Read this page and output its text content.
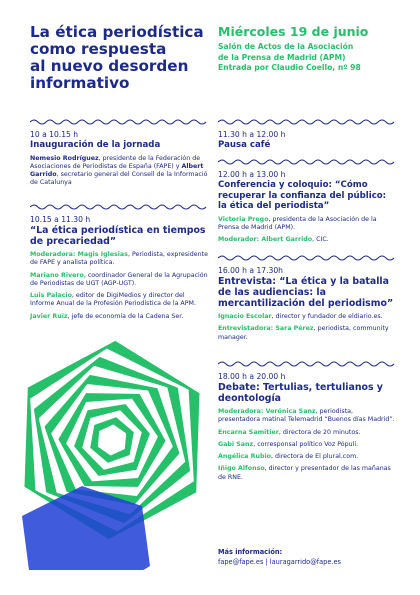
La ética periodística
como respuesta
al nuevo desorden
informativo
Miércoles 19 de junio
Salón de Actos de la Asociación
de la Prensa de Madrid (APM)
Entrada por Claudio Coello, nº 98

10 a 10.15 h

Inauguración de la jornada

Nemesio Rodríguez, presidente de la Federación de Asociaciones de Periodistas de España (FAPE) y Albert Garrido, secretario general del Consell de la Informació de Catalunya

10.15 a 11.30 h

“La ética periodística en tiempos de precariedad”

Moderadora: Magis Iglesias, Periodista, expresidente de FAPE y analista política.

Mariano Rivero, coordinador General de la Agrupación de Periodistas de UGT (AGP-UGT).

Luis Palacio, editor de DigiMedios y director del Informe Anual de la Profesión Periodística de la APM.

Javier Ruiz, jefe de economía de la Cadena Ser.

11.30 h a 12.00 h

Pausa café

12.00 h a 13.00 h

Conferencia y coloquio: “Cómo recuperar la confianza del público: la ética del periodista”

Victoria Prego, presidenta de la Asociación de la Prensa de Madrid (APM).

Moderador: Albert Garrido, CIC.

16.00 h a 17.30h

Entrevista: “La ética y la batalla de las audiencias: la mercantilización del periodismo”

Ignacio Escolar, director y fundador de eldiario.es.

Entrevistadora: Sara Pérez, periodista, community manager.

18.00 h a 20.00 h

Debate: Tertulias, tertulianos y deontología

Moderadora: Verónica Sanz, periodista, presentadora matinal Telemadrid “Buenos días Madrid”.

Encarna Samitier, directora de 20 minutos.

Gabi Sanz, corresponsal político Voz Pópuli.

Angélica Rubio, directora de El plural.com.

Iñigo Alfonso, director y presentador de las mañanas de RNE.

Más información:
fape@fape.es | lauragarrido@fape.es
